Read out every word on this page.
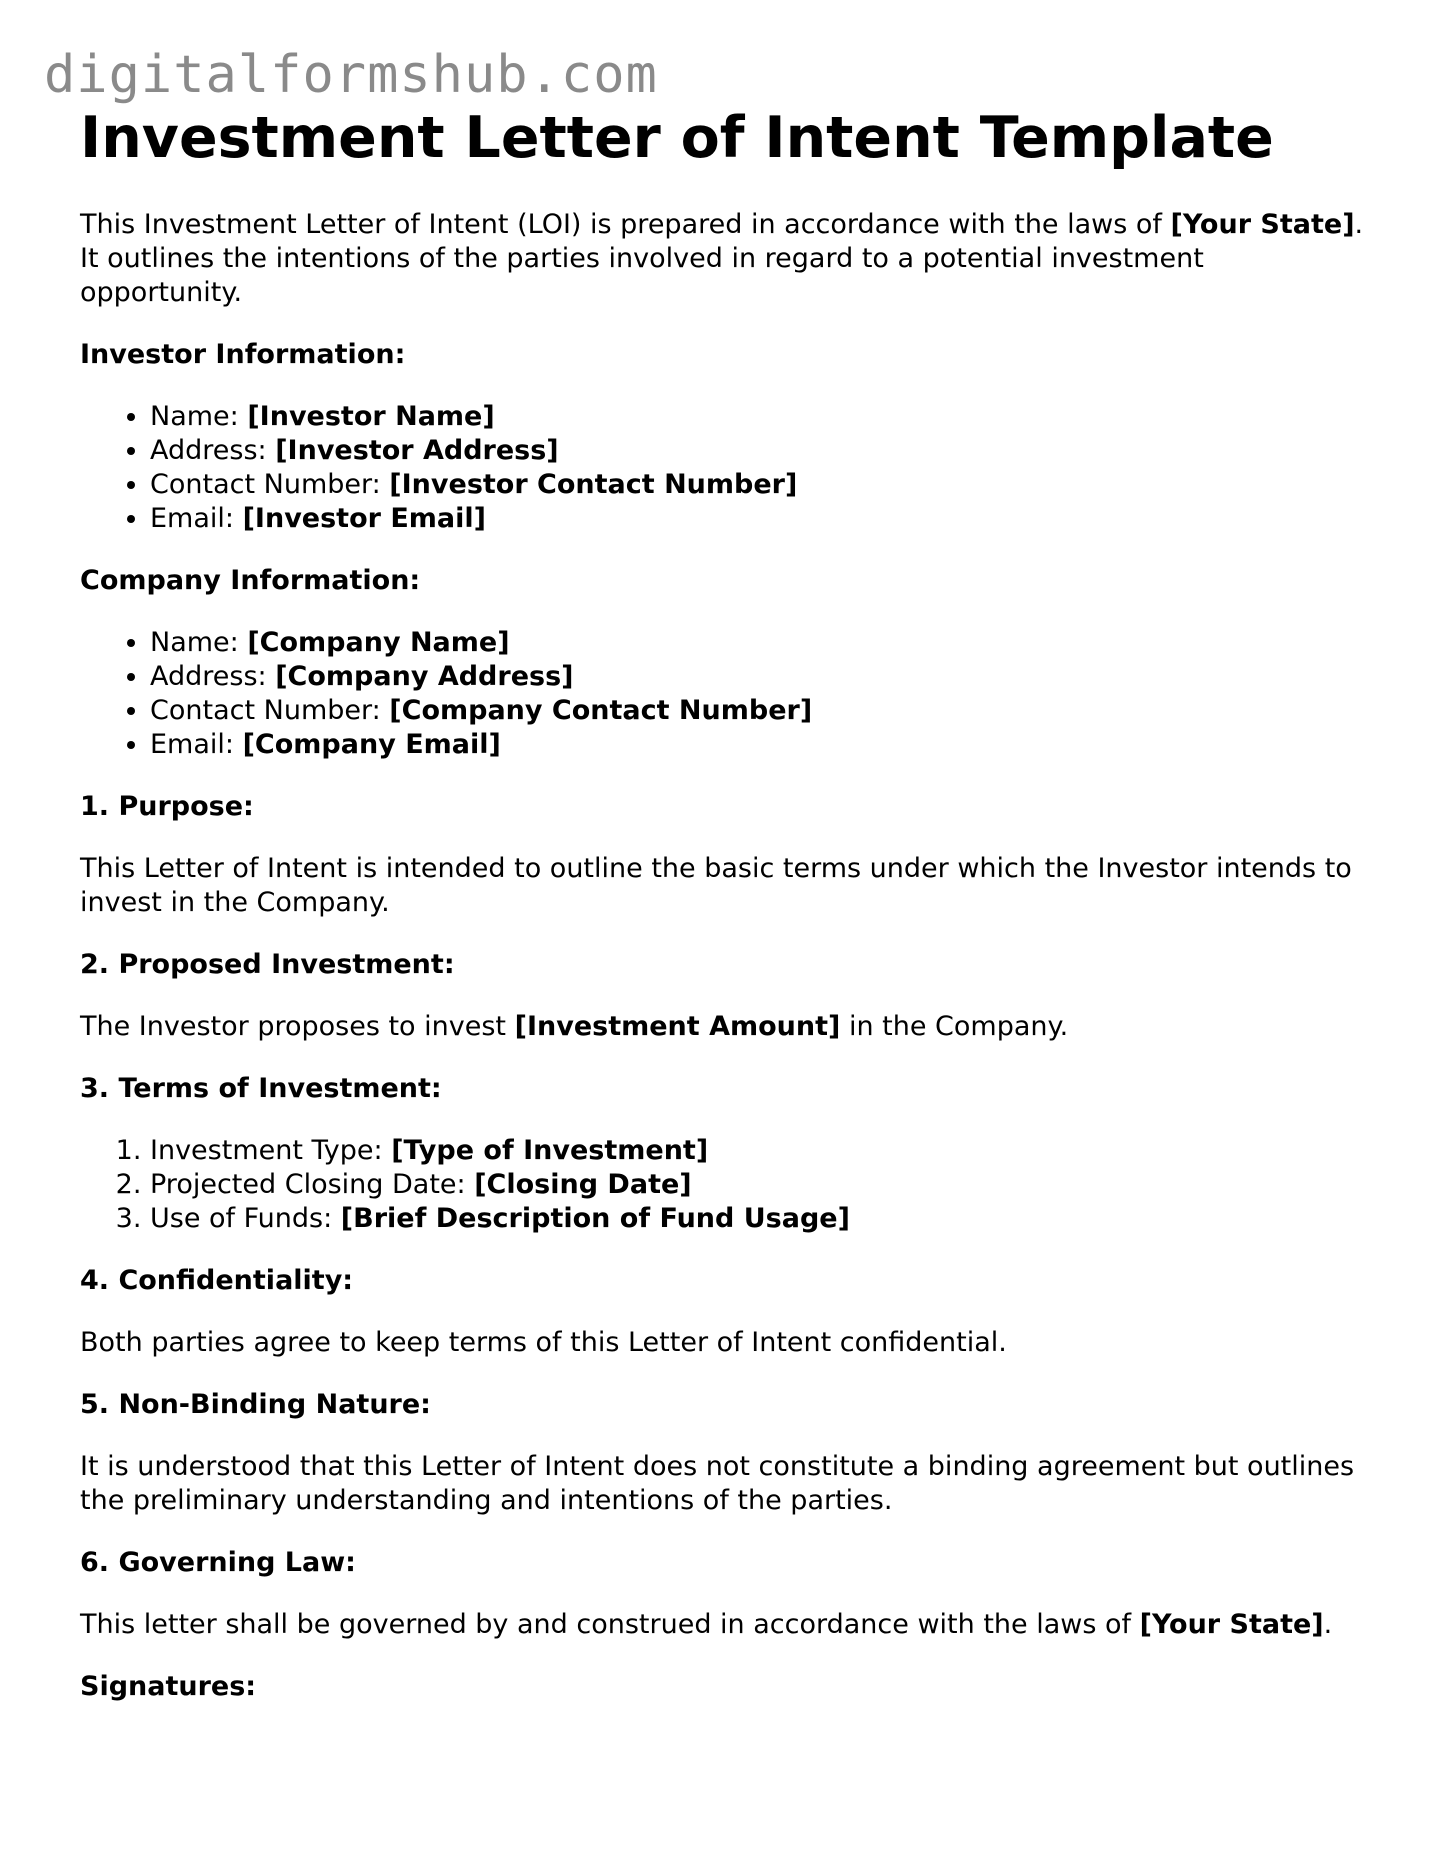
digitalformshub.com
Investment Letter of Intent Template

This Investment Letter of Intent (LOI) is prepared in accordance with the laws of [Your State]. It outlines the intentions of the parties involved in regard to a potential investment opportunity.

Investor Information:
• Name: [Investor Name]
• Address: [Investor Address]
• Contact Number: [Investor Contact Number]
• Email: [Investor Email]
Company Information:
• Name: [Company Name]
• Address: [Company Address]
• Contact Number: [Company Contact Number]
• Email: [Company Email]
1. Purpose:

This Letter of Intent is intended to outline the basic terms under which the Investor intends to invest in the Company.

2. Proposed Investment:

The Investor proposes to invest [Investment Amount] in the Company.

3. Terms of Investment:
1. Investment Type: [Type of Investment]
2. Projected Closing Date: [Closing Date]
3. Use of Funds: [Brief Description of Fund Usage]
4. Confidentiality:

Both parties agree to keep terms of this Letter of Intent confidential.

5. Non-Binding Nature:

It is understood that this Letter of Intent does not constitute a binding agreement but outlines the preliminary understanding and intentions of the parties.

6. Governing Law:

This letter shall be governed by and construed in accordance with the laws of [Your State].

Signatures:
